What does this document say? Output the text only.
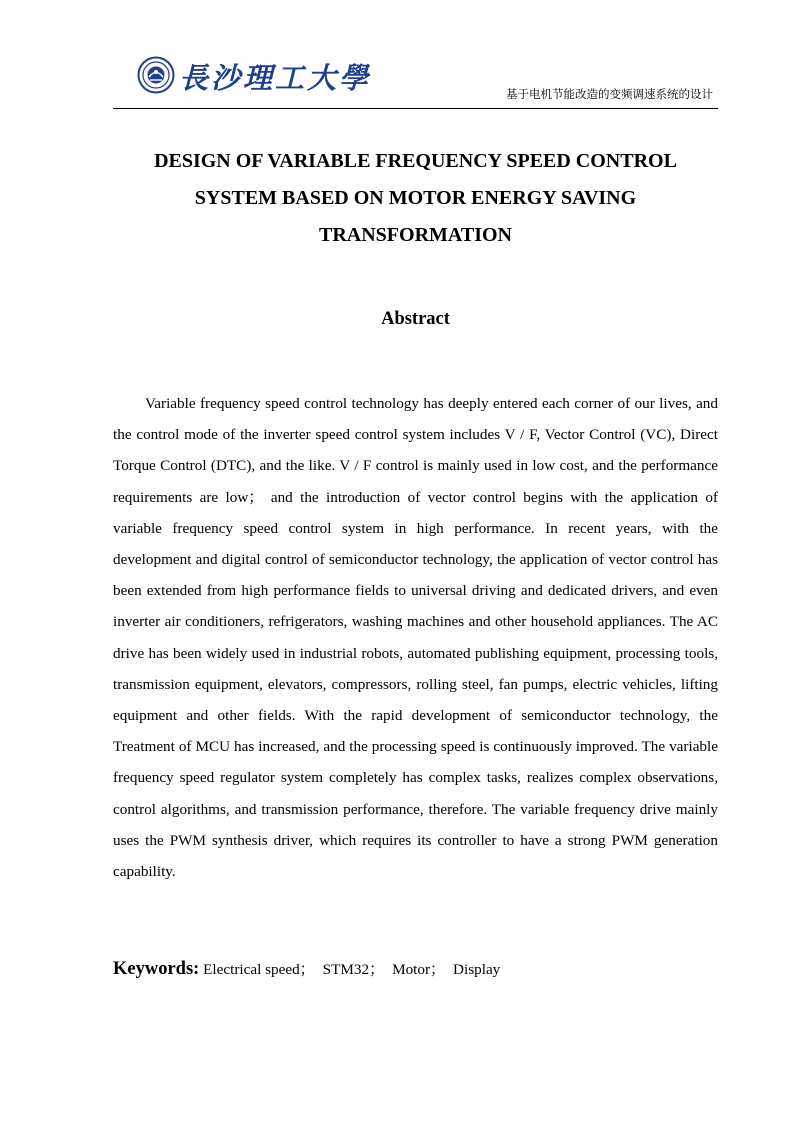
長沙理工大學	基于电机节能改造的变频调速系统的设计
DESIGN OF VARIABLE FREQUENCY SPEED CONTROL
SYSTEM BASED ON MOTOR ENERGY SAVING
TRANSFORMATION
Abstract

Variable frequency speed control technology has deeply entered each corner of our lives, and the control mode of the inverter speed control system includes V / F, Vector Control (VC), Direct Torque Control (DTC), and the like. V / F control is mainly used in low cost, and the performance requirements are low； and the introduction of vector control begins with the application of variable frequency speed control system in high performance. In recent years, with the development and digital control of semiconductor technology, the application of vector control has been extended from high performance fields to universal driving and dedicated drivers, and even inverter air conditioners, refrigerators, washing machines and other household appliances. The AC drive has been widely used in industrial robots, automated publishing equipment, processing tools, transmission equipment, elevators, compressors, rolling steel, fan pumps, electric vehicles, lifting equipment and other fields. With the rapid development of semiconductor technology, the Treatment of MCU has increased, and the processing speed is continuously improved. The variable frequency speed regulator system completely has complex tasks, realizes complex observations, control algorithms, and transmission performance, therefore. The variable frequency drive mainly uses the PWM synthesis driver, which requires its controller to have a strong PWM generation capability.

Keywords: Electrical speed； STM32； Motor； Display
